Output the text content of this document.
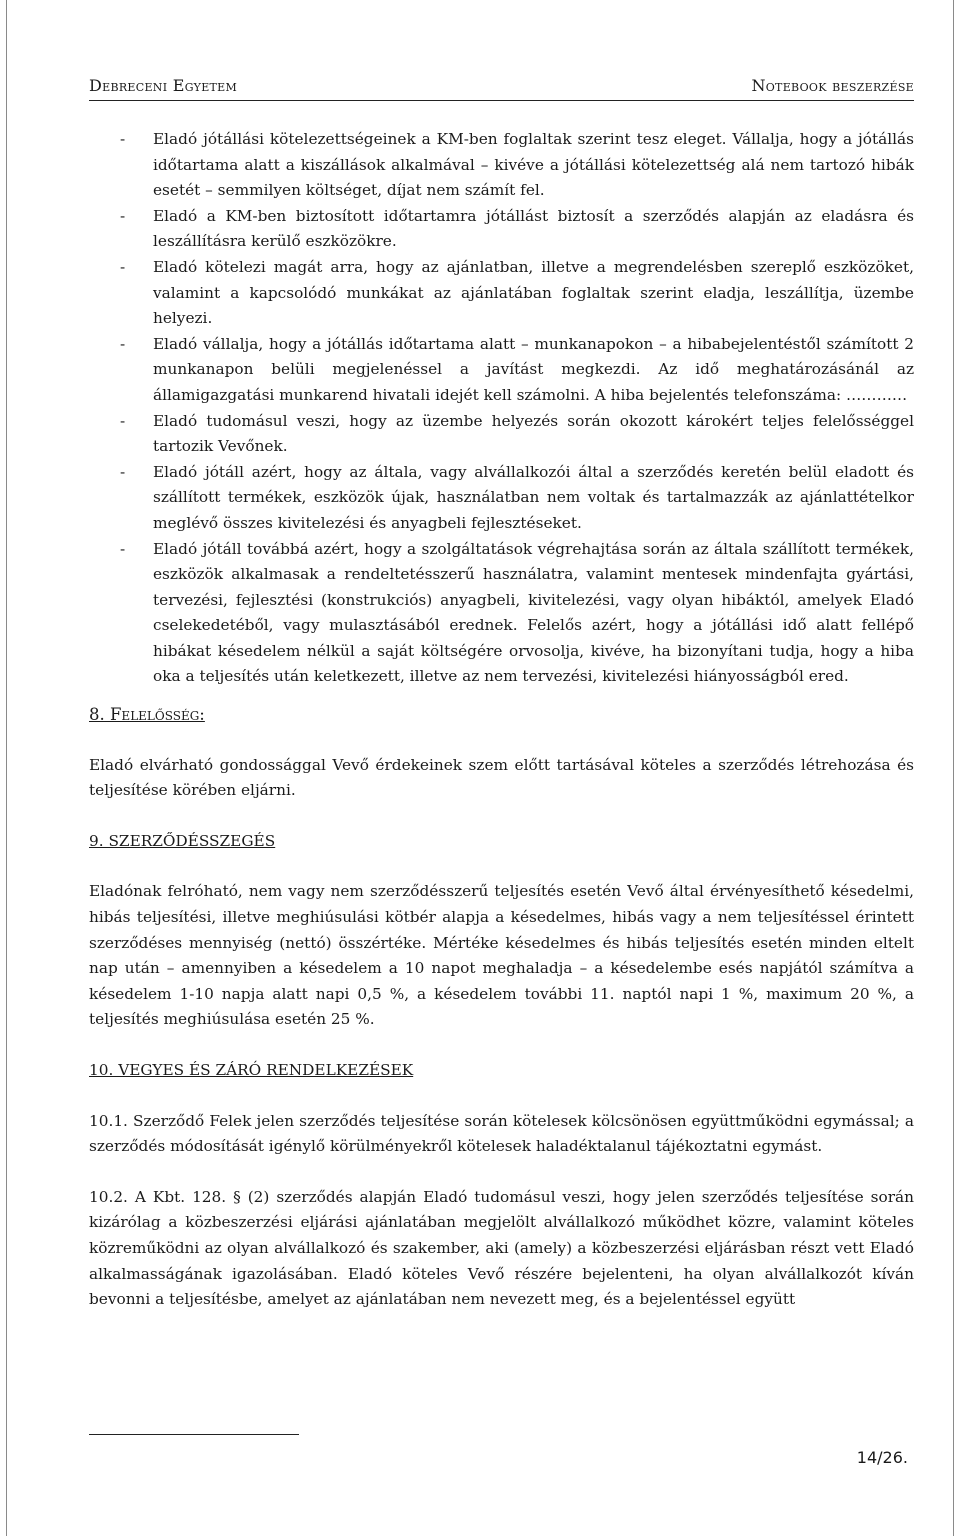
Debreceni Egyetem	Notebook beszerzése
- Eladó jótállási kötelezettségeinek a KM-ben foglaltak szerint tesz eleget. Vállalja, hogy a jótállás időtartama alatt a kiszállások alkalmával – kivéve a jótállási kötelezettség alá nem tartozó hibák esetét – semmilyen költséget, díjat nem számít fel.
- Eladó a KM-ben biztosított időtartamra jótállást biztosít a szerződés alapján az eladásra és leszállításra kerülő eszközökre.
- Eladó kötelezi magát arra, hogy az ajánlatban, illetve a megrendelésben szereplő eszközöket, valamint a kapcsolódó munkákat az ajánlatában foglaltak szerint eladja, leszállítja, üzembe helyezi.
- Eladó vállalja, hogy a jótállás időtartama alatt – munkanapokon – a hibabejelentéstől számított 2 munkanapon belüli megjelenéssel a javítást megkezdi. Az idő meghatározásánál az államigazgatási munkarend hivatali idejét kell számolni. A hiba bejelentés telefonszáma: …………
- Eladó tudomásul veszi, hogy az üzembe helyezés során okozott károkért teljes felelősséggel tartozik Vevőnek.
- Eladó jótáll azért, hogy az általa, vagy alvállalkozói által a szerződés keretén belül eladott és szállított termékek, eszközök újak, használatban nem voltak és tartalmazzák az ajánlattételkor meglévő összes kivitelezési és anyagbeli fejlesztéseket.
- Eladó jótáll továbbá azért, hogy a szolgáltatások végrehajtása során az általa szállított termékek, eszközök alkalmasak a rendeltetésszerű használatra, valamint mentesek mindenfajta gyártási, tervezési, fejlesztési (konstrukciós) anyagbeli, kivitelezési, vagy olyan hibáktól, amelyek Eladó cselekedetéből, vagy mulasztásából erednek. Felelős azért, hogy a jótállási idő alatt fellépő hibákat késedelem nélkül a saját költségére orvosolja, kivéve, ha bizonyítani tudja, hogy a hiba oka a teljesítés után keletkezett, illetve az nem tervezési, kivitelezési hiányosságból ered.

8. Felelősség:

Eladó elvárható gondossággal Vevő érdekeinek szem előtt tartásával köteles a szerződés létrehozása és teljesítése körében eljárni.

9. SZERZŐDÉSSZEGÉS

Eladónak felróható, nem vagy nem szerződésszerű teljesítés esetén Vevő által érvényesíthető késedelmi, hibás teljesítési, illetve meghiúsulási kötbér alapja a késedelmes, hibás vagy a nem teljesítéssel érintett szerződéses mennyiség (nettó) összértéke. Mértéke késedelmes és hibás teljesítés esetén minden eltelt nap után – amennyiben a késedelem a 10 napot meghaladja – a késedelembe esés napjától számítva a késedelem 1-10 napja alatt napi 0,5 %, a késedelem további 11. naptól napi 1 %, maximum 20 %, a teljesítés meghiúsulása esetén 25 %.

10. VEGYES ÉS ZÁRÓ RENDELKEZÉSEK

10.1. Szerződő Felek jelen szerződés teljesítése során kötelesek kölcsönösen együttműködni egymással; a szerződés módosítását igénylő körülményekről kötelesek haladéktalanul tájékoztatni egymást.

10.2. A Kbt. 128. § (2) szerződés alapján Eladó tudomásul veszi, hogy jelen szerződés teljesítése során kizárólag a közbeszerzési eljárási ajánlatában megjelölt alvállalkozó működhet közre, valamint köteles közreműködni az olyan alvállalkozó és szakember, aki (amely) a közbeszerzési eljárásban részt vett Eladó alkalmasságának igazolásában. Eladó köteles Vevő részére bejelenteni, ha olyan alvállalkozót kíván bevonni a teljesítésbe, amelyet az ajánlatában nem nevezett meg, és a bejelentéssel együtt

14/26.
